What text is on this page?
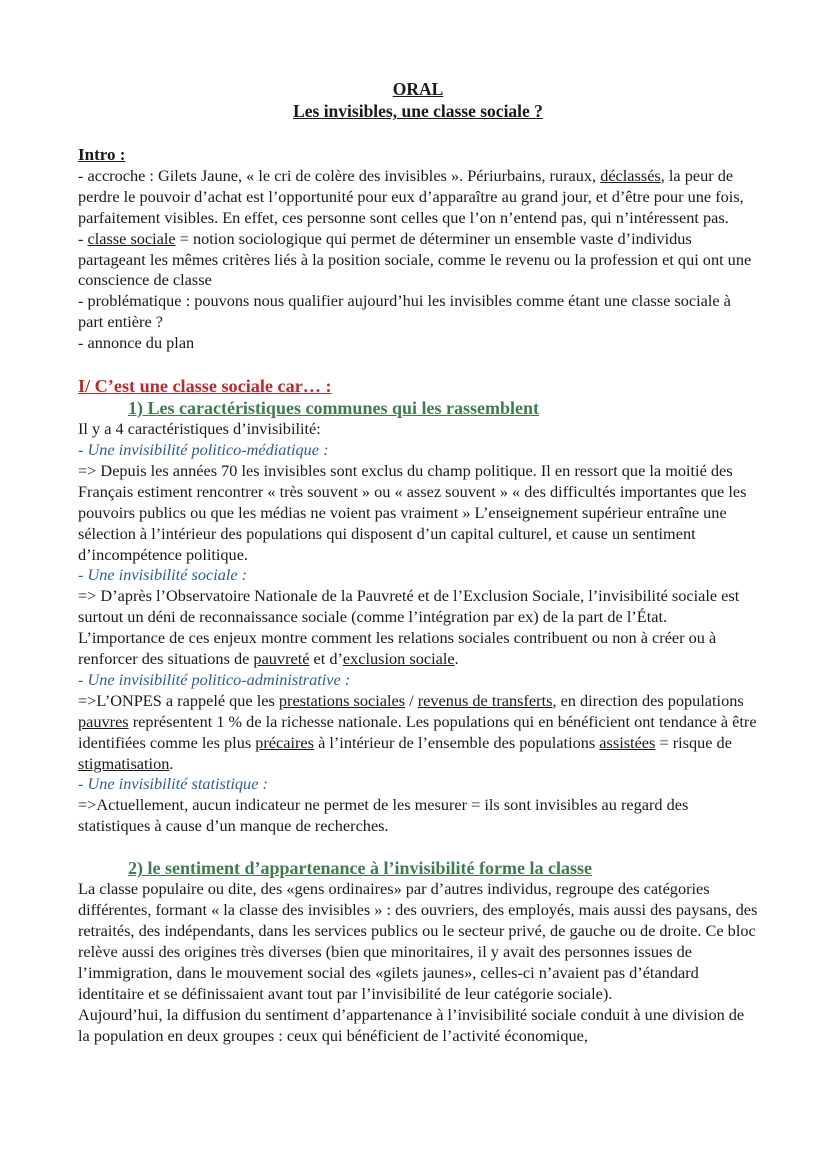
ORAL
Les invisibles, une classe sociale ?
Intro :

- accroche : Gilets Jaune, « le cri de colère des invisibles ». Périurbains, ruraux, déclassés, la peur de perdre le pouvoir d’achat est l’opportunité pour eux d’apparaître au grand jour, et d’être pour une fois, parfaitement visibles. En effet, ces personne sont celles que l’on n’entend pas, qui n’intéressent pas.

- classe sociale = notion sociologique qui permet de déterminer un ensemble vaste d’individus partageant les mêmes critères liés à la position sociale, comme le revenu ou la profession et qui ont une conscience de classe

- problématique : pouvons nous qualifier aujourd’hui les invisibles comme étant une classe sociale à part entière ?

- annonce du plan

I/ C’est une classe sociale car… :
1) Les caractéristiques communes qui les rassemblent

Il y a 4 caractéristiques d’invisibilité:

- Une invisibilité politico-médiatique :

=> Depuis les années 70 les invisibles sont exclus du champ politique. Il en ressort que la moitié des Français estiment rencontrer « très souvent » ou « assez souvent » « des difficultés importantes que les pouvoirs publics ou que les médias ne voient pas vraiment » L’enseignement supérieur entraîne une sélection à l’intérieur des populations qui disposent d’un capital culturel, et cause un sentiment d’incompétence politique.

- Une invisibilité sociale :

=> D’après l’Observatoire Nationale de la Pauvreté et de l’Exclusion Sociale, l’invisibilité sociale est surtout un déni de reconnaissance sociale (comme l’intégration par ex) de la part de l’État. L’importance de ces enjeux montre comment les relations sociales contribuent ou non à créer ou à renforcer des situations de pauvreté et d’exclusion sociale.

- Une invisibilité politico-administrative :

=>L’ONPES a rappelé que les prestations sociales / revenus de transferts, en direction des populations pauvres représentent 1 % de la richesse nationale. Les populations qui en bénéficient ont tendance à être identifiées comme les plus précaires à l’intérieur de l’ensemble des populations assistées = risque de stigmatisation.

- Une invisibilité statistique :

=>Actuellement, aucun indicateur ne permet de les mesurer = ils sont invisibles au regard des statistiques à cause d’un manque de recherches.

2) le sentiment d’appartenance à l’invisibilité forme la classe

La classe populaire ou dite, des «gens ordinaires» par d’autres individus, regroupe des catégories différentes, formant « la classe des invisibles » : des ouvriers, des employés, mais aussi des paysans, des retraités, des indépendants, dans les services publics ou le secteur privé, de gauche ou de droite. Ce bloc relève aussi des origines très diverses (bien que minoritaires, il y avait des personnes issues de l’immigration, dans le mouvement social des «gilets jaunes», celles-ci n’avaient pas d’étandard identitaire et se définissaient avant tout par l’invisibilité de leur catégorie sociale).

Aujourd’hui, la diffusion du sentiment d’appartenance à l’invisibilité sociale conduit à une division de la population en deux groupes : ceux qui bénéficient de l’activité économique,
